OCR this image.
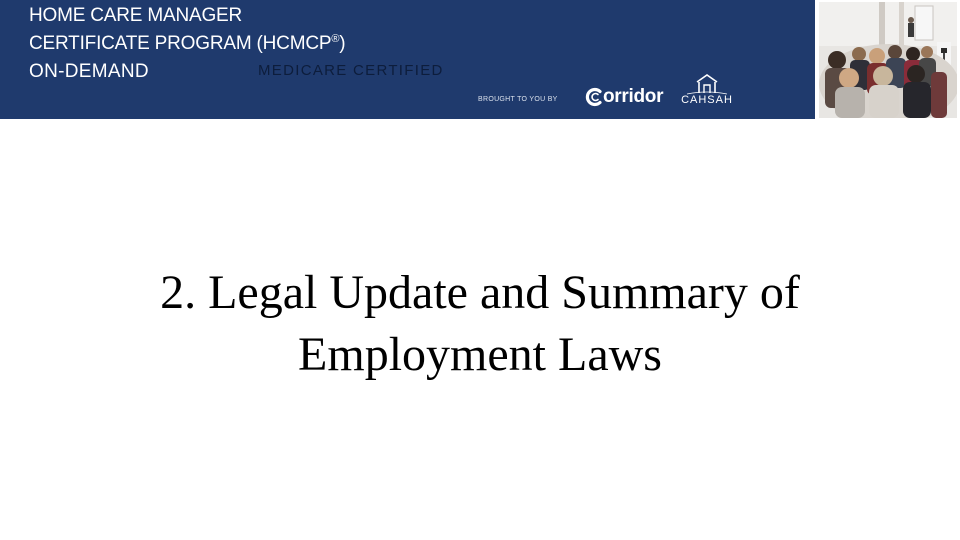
HOME CARE MANAGER
CERTIFICATE PROGRAM (HCMCP®)
ON-DEMAND	MEDICARE CERTIFIED
BROUGHT TO YOU BY orridor CAHSAH
2. Legal Update and Summary of
Employment Laws
